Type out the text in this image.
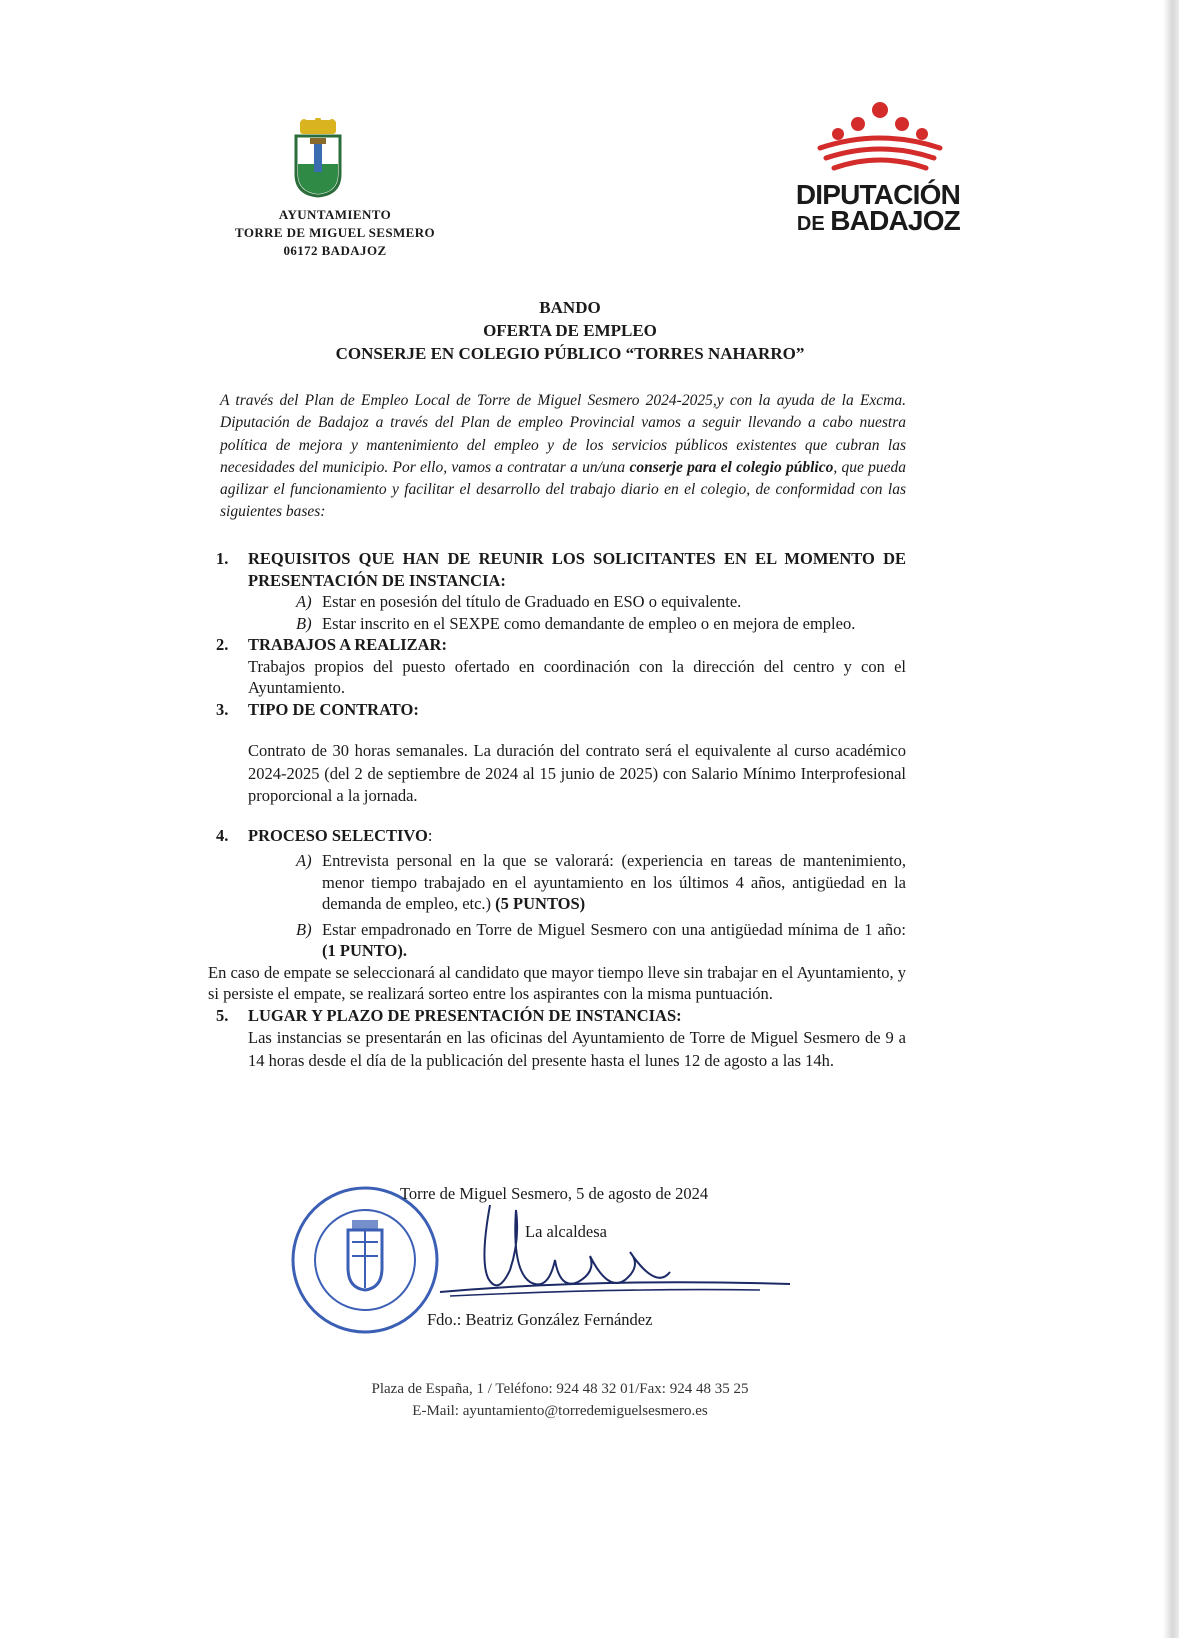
AYUNTAMIENTO
TORRE DE MIGUEL SESMERO
06172 BADAJOZ
DIPUTACIÓN
DE BADAJOZ
BANDO
OFERTA DE EMPLEO
CONSERJE EN COLEGIO PÚBLICO “TORRES NAHARRO”
A través del Plan de Empleo Local de Torre de Miguel Sesmero 2024-2025,y con la ayuda de la Excma. Diputación de Badajoz a través del Plan de empleo Provincial vamos a seguir llevando a cabo nuestra política de mejora y mantenimiento del empleo y de los servicios públicos existentes que cubran las necesidades del municipio. Por ello, vamos a contratar a un/una conserje para el colegio público, que pueda agilizar el funcionamiento y facilitar el desarrollo del trabajo diario en el colegio, de conformidad con las siguientes bases:
1.	REQUISITOS QUE HAN DE REUNIR LOS SOLICITANTES EN EL MOMENTO DE PRESENTACIÓN DE INSTANCIA:
A) Estar en posesión del título de Graduado en ESO o equivalente.
B) Estar inscrito en el SEXPE como demandante de empleo o en mejora de empleo.
2.	TRABAJOS A REALIZAR:
Trabajos propios del puesto ofertado en coordinación con la dirección del centro y con el Ayuntamiento.
3.	TIPO DE CONTRATO:
Contrato de 30 horas semanales. La duración del contrato será el equivalente al curso académico 2024-2025 (del 2 de septiembre de 2024 al 15 junio de 2025) con Salario Mínimo Interprofesional proporcional a la jornada.
4.	PROCESO SELECTIVO:
A) Entrevista personal en la que se valorará: (experiencia en tareas de mantenimiento, menor tiempo trabajado en el ayuntamiento en los últimos 4 años, antigüedad en la demanda de empleo, etc.) (5 PUNTOS)
B) Estar empadronado en Torre de Miguel Sesmero con una antigüedad mínima de 1 año: (1 PUNTO).
En caso de empate se seleccionará al candidato que mayor tiempo lleve sin trabajar en el Ayuntamiento, y si persiste el empate, se realizará sorteo entre los aspirantes con la misma puntuación.
5.	LUGAR Y PLAZO DE PRESENTACIÓN DE INSTANCIAS:
Las instancias se presentarán en las oficinas del Ayuntamiento de Torre de Miguel Sesmero de 9 a 14 horas desde el día de la publicación del presente hasta el lunes 12 de agosto a las 14h.
Torre de Miguel Sesmero, 5 de agosto de 2024
La alcaldesa
Fdo.: Beatriz González Fernández
Plaza de España, 1 / Teléfono: 924 48 32 01/Fax: 924 48 35 25
E-Mail: ayuntamiento@torredemiguelsesmero.es
